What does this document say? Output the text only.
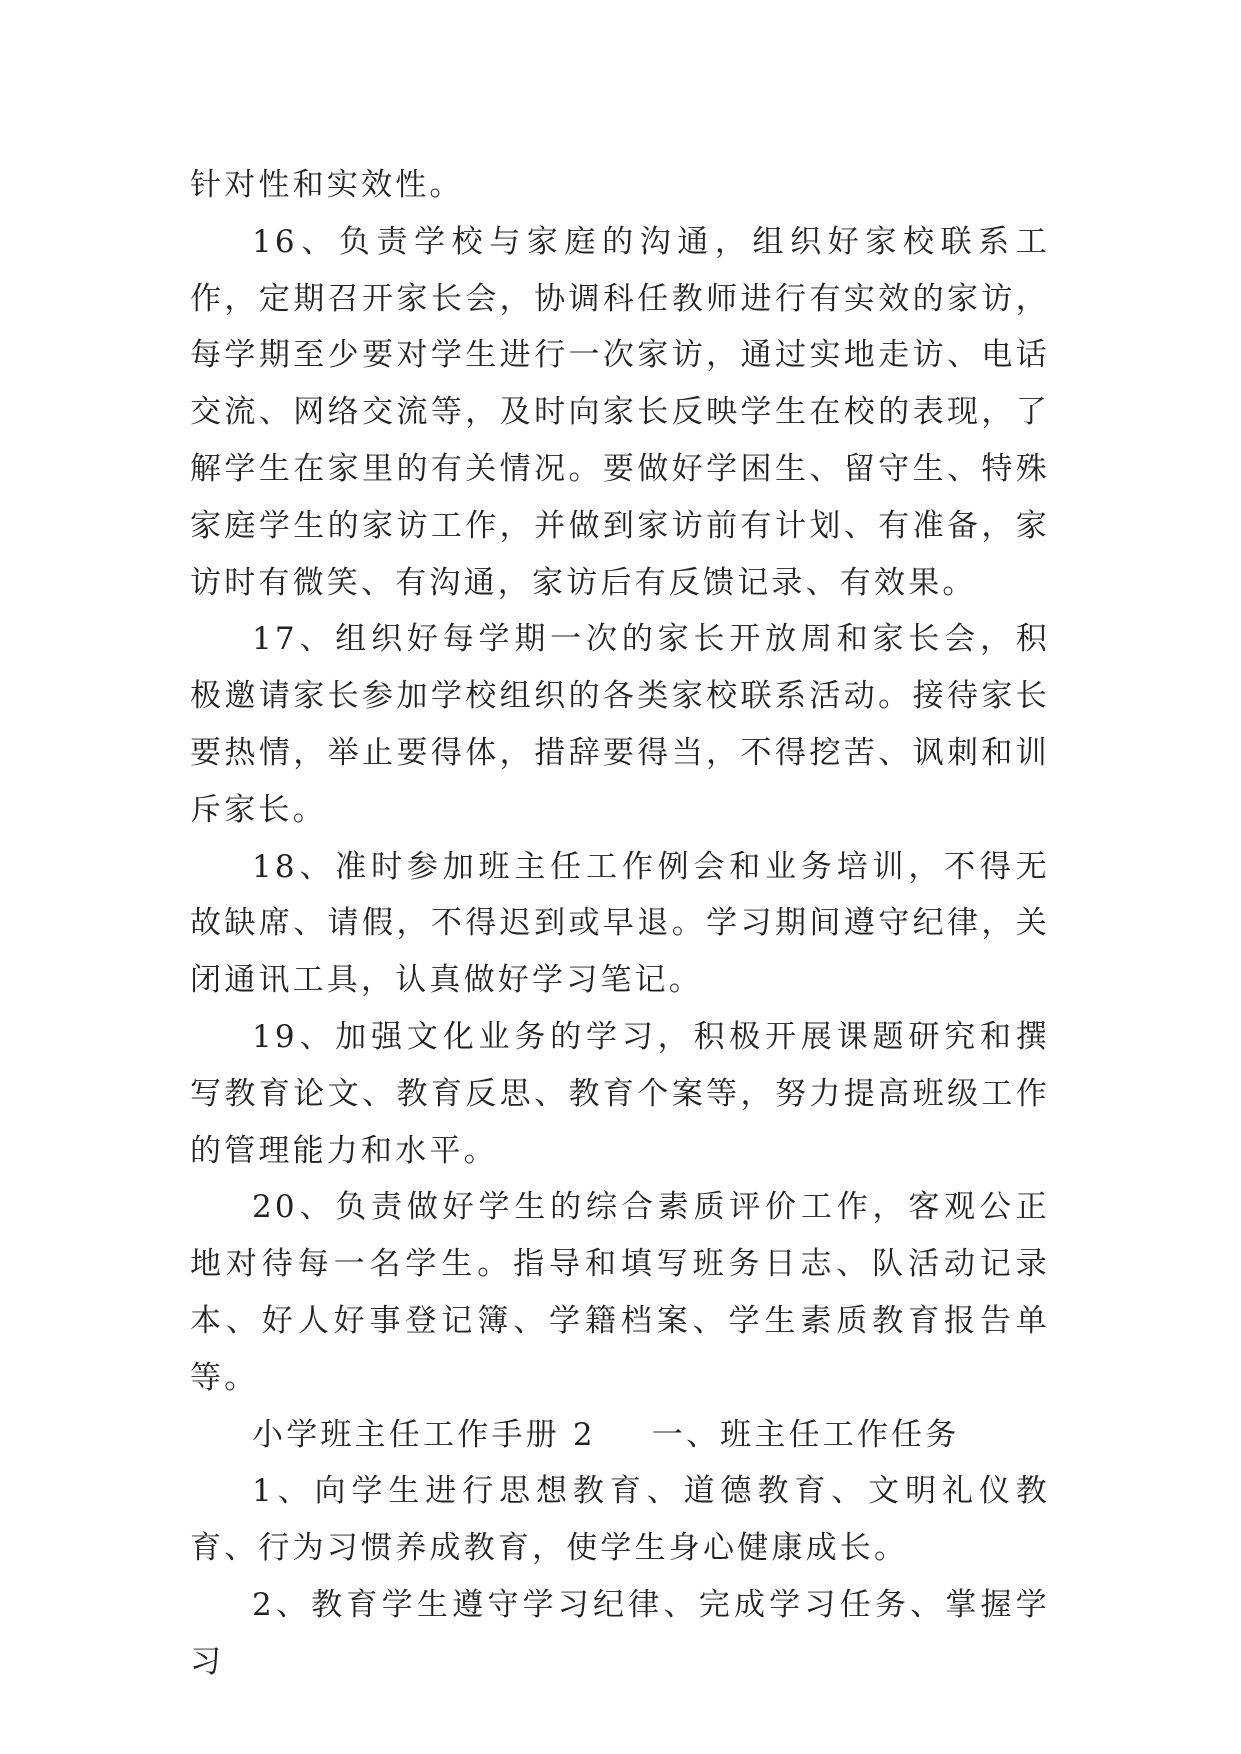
针对性和实效性。

16、负责学校与家庭的沟通，组织好家校联系工作，定期召开家长会，协调科任教师进行有实效的家访，每学期至少要对学生进行一次家访，通过实地走访、电话交流、网络交流等，及时向家长反映学生在校的表现，了解学生在家里的有关情况。要做好学困生、留守生、特殊家庭学生的家访工作，并做到家访前有计划、有准备，家访时有微笑、有沟通，家访后有反馈记录、有效果。

17、组织好每学期一次的家长开放周和家长会，积极邀请家长参加学校组织的各类家校联系活动。接待家长要热情，举止要得体，措辞要得当，不得挖苦、讽刺和训斥家长。

18、准时参加班主任工作例会和业务培训，不得无故缺席、请假，不得迟到或早退。学习期间遵守纪律，关闭通讯工具，认真做好学习笔记。

19、加强文化业务的学习，积极开展课题研究和撰写教育论文、教育反思、教育个案等，努力提高班级工作的管理能力和水平。

20、负责做好学生的综合素质评价工作，客观公正地对待每一名学生。指导和填写班务日志、队活动记录本、好人好事登记簿、学籍档案、学生素质教育报告单等。

小学班主任工作手册 2 一、班主任工作任务

1、向学生进行思想教育、道德教育、文明礼仪教育、行为习惯养成教育，使学生身心健康成长。

2、教育学生遵守学习纪律、完成学习任务、掌握学习
